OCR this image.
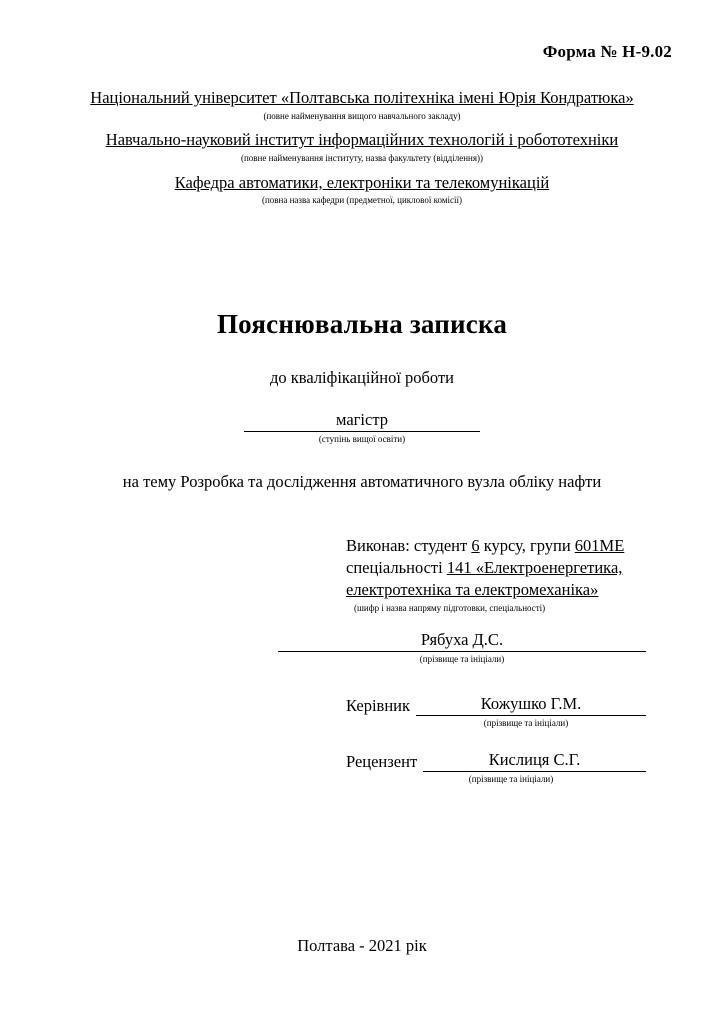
Форма № Н-9.02
Національний університет «Полтавська політехніка імені Юрія Кондратюка»
(повне найменування вищого навчального закладу)
Навчально-науковий інститут інформаційних технологій і робототехніки
(повне найменування інституту, назва факультету (відділення))
Кафедра автоматики, електроніки та телекомунікацій
(повна назва кафедри (предметної, циклової комісії)
Пояснювальна записка
до кваліфікаційної роботи
магістр
(ступінь вищої освіти)
на тему Розробка та дослідження автоматичного вузла обліку нафти
Виконав: студент 6 курсу, групи 601МЕ
спеціальності 141 «Електроенергетика,
електротехніка та електромеханіка»
(шифр і назва напряму підготовки, спеціальності)
Рябуха Д.С.
(прізвище та ініціали)
Керівник	Кожушко Г.М.
(прізвище та ініціали)
Рецензент	Кислиця С.Г.
(прізвище та ініціали)
Полтава - 2021 рік
